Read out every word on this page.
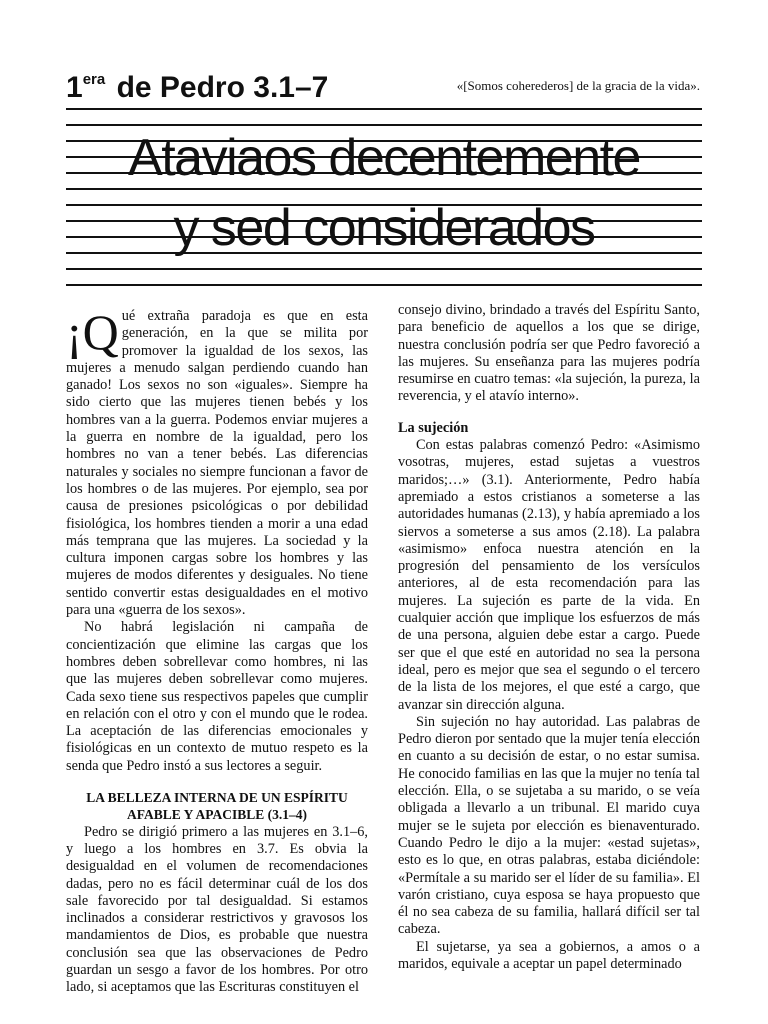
$1^{era}$ de Pedro 3.1–7	«[Somos coherederos] de la gracia de la vida».
Ataviaos decentemente
y sed considerados

¡Q ué extraña paradoja es que en esta generación, en la que se milita por promover la igualdad de los sexos, las mujeres a menudo salgan perdiendo cuando han ganado! Los sexos no son «iguales». Siempre ha sido cierto que las mujeres tienen bebés y los hombres van a la guerra. Podemos enviar mujeres a la guerra en nombre de la igualdad, pero los hombres no van a tener bebés. Las diferencias naturales y sociales no siempre funcionan a favor de los hombres o de las mujeres. Por ejemplo, sea por causa de presiones psicológicas o por debilidad fisiológica, los hombres tienden a morir a una edad más temprana que las mujeres. La sociedad y la cultura imponen cargas sobre los hombres y las mujeres de modos diferentes y desiguales. No tiene sentido convertir estas desigualdades en el motivo para una «guerra de los sexos».

No habrá legislación ni campaña de concientización que elimine las cargas que los hombres deben sobrellevar como hombres, ni las que las mujeres deben sobrellevar como mujeres. Cada sexo tiene sus respectivos papeles que cumplir en relación con el otro y con el mundo que le rodea. La aceptación de las diferencias emocionales y fisiológicas en un contexto de mutuo respeto es la senda que Pedro instó a sus lectores a seguir.

LA BELLEZA INTERNA DE UN ESPÍRITU
AFABLE Y APACIBLE (3.1–4)

Pedro se dirigió primero a las mujeres en 3.1–6, y luego a los hombres en 3.7. Es obvia la desigualdad en el volumen de recomendaciones dadas, pero no es fácil determinar cuál de los dos sale favorecido por tal desigualdad. Si estamos inclinados a considerar restrictivos y gravosos los mandamientos de Dios, es probable que nuestra conclusión sea que las observaciones de Pedro guardan un sesgo a favor de los hombres. Por otro lado, si aceptamos que las Escrituras constituyen el

consejo divino, brindado a través del Espíritu Santo, para beneficio de aquellos a los que se dirige, nuestra conclusión podría ser que Pedro favoreció a las mujeres. Su enseñanza para las mujeres podría resumirse en cuatro temas: «la sujeción, la pureza, la reverencia, y el atavío interno».

La sujeción

Con estas palabras comenzó Pedro: «Asimismo vosotras, mujeres, estad sujetas a vuestros maridos;…» (3.1). Anteriormente, Pedro había apremiado a estos cristianos a someterse a las autoridades humanas (2.13), y había apremiado a los siervos a someterse a sus amos (2.18). La palabra «asimismo» enfoca nuestra atención en la progresión del pensamiento de los versículos anteriores, al de esta recomendación para las mujeres. La sujeción es parte de la vida. En cualquier acción que implique los esfuerzos de más de una persona, alguien debe estar a cargo. Puede ser que el que esté en autoridad no sea la persona ideal, pero es mejor que sea el segundo o el tercero de la lista de los mejores, el que esté a cargo, que avanzar sin dirección alguna.

Sin sujeción no hay autoridad. Las palabras de Pedro dieron por sentado que la mujer tenía elección en cuanto a su decisión de estar, o no estar sumisa. He conocido familias en las que la mujer no tenía tal elección. Ella, o se sujetaba a su marido, o se veía obligada a llevarlo a un tribunal. El marido cuya mujer se le sujeta por elección es bienaventurado. Cuando Pedro le dijo a la mujer: «estad sujetas», esto es lo que, en otras palabras, estaba diciéndole: «Permítale a su marido ser el líder de su familia». El varón cristiano, cuya esposa se haya propuesto que él no sea cabeza de su familia, hallará difícil ser tal cabeza.

El sujetarse, ya sea a gobiernos, a amos o a maridos, equivale a aceptar un papel determinado
